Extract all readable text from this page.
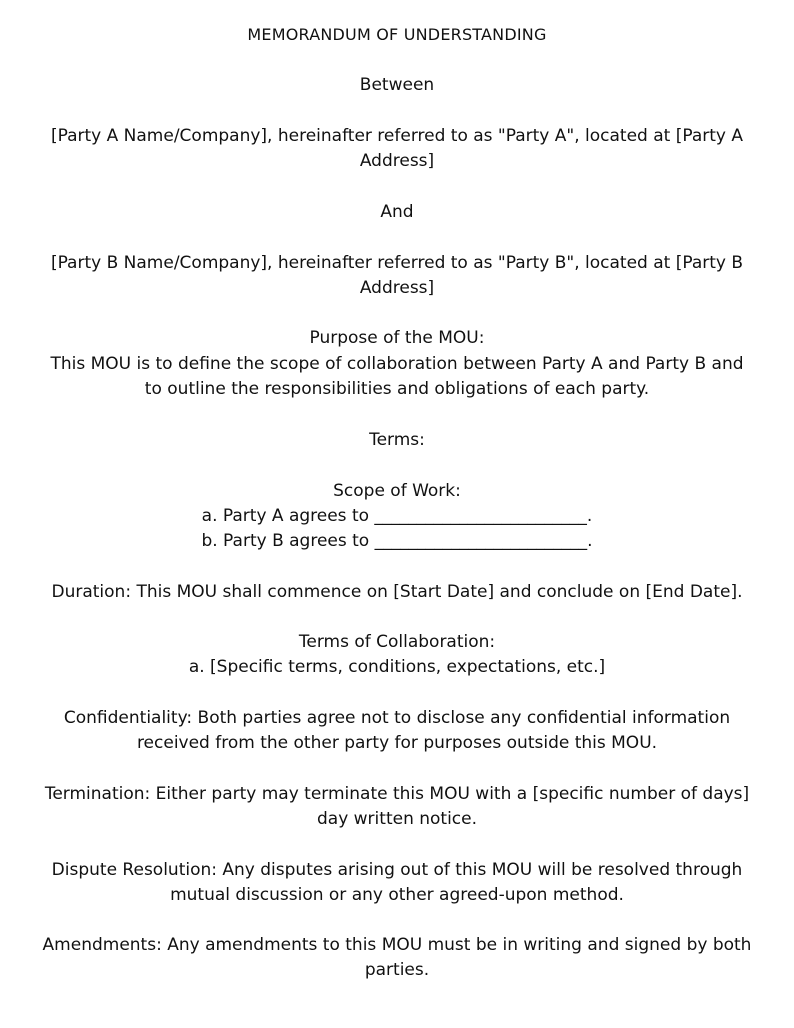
MEMORANDUM OF UNDERSTANDING
Between
[Party A Name/Company], hereinafter referred to as "Party A", located at [Party A
Address]
And
[Party B Name/Company], hereinafter referred to as "Party B", located at [Party B
Address]
Purpose of the MOU:
This MOU is to define the scope of collaboration between Party A and Party B and
to outline the responsibilities and obligations of each party.
Terms:
Scope of Work:
a. Party A agrees to _________________________.
b. Party B agrees to _________________________.
Duration: This MOU shall commence on [Start Date] and conclude on [End Date].
Terms of Collaboration:
a. [Specific terms, conditions, expectations, etc.]
Confidentiality: Both parties agree not to disclose any confidential information
received from the other party for purposes outside this MOU.
Termination: Either party may terminate this MOU with a [specific number of days]
day written notice.
Dispute Resolution: Any disputes arising out of this MOU will be resolved through
mutual discussion or any other agreed-upon method.
Amendments: Any amendments to this MOU must be in writing and signed by both
parties.
